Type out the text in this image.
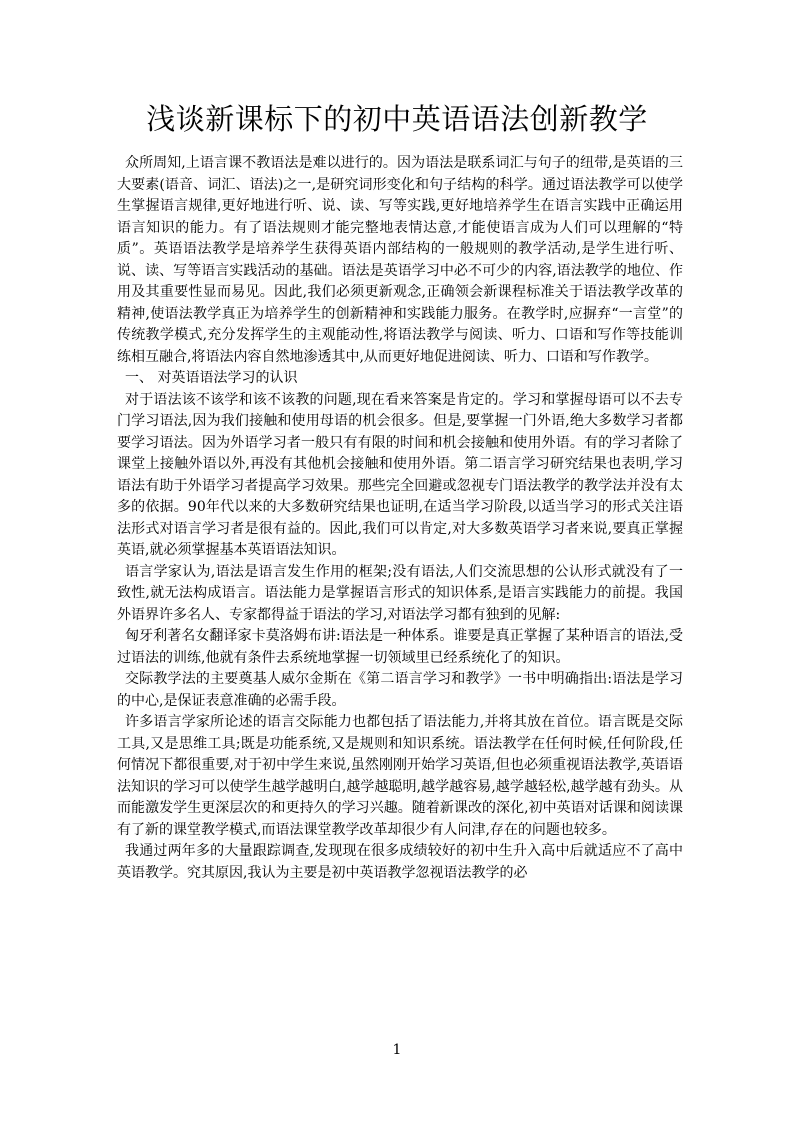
浅谈新课标下的初中英语语法创新教学

众所周知,上语言课不教语法是难以进行的。因为语法是联系词汇与句子的纽带,是英语的三大要素(语音、词汇、语法)之一,是研究词形变化和句子结构的科学。通过语法教学可以使学生掌握语言规律,更好地进行听、说、读、写等实践,更好地培养学生在语言实践中正确运用语言知识的能力。有了语法规则才能完整地表情达意,才能使语言成为人们可以理解的“特质”。英语语法教学是培养学生获得英语内部结构的一般规则的教学活动,是学生进行听、说、读、写等语言实践活动的基础。语法是英语学习中必不可少的内容,语法教学的地位、作用及其重要性显而易见。因此,我们必须更新观念,正确领会新课程标准关于语法教学改革的精神,使语法教学真正为培养学生的创新精神和实践能力服务。在教学时,应摒弃“一言堂”的传统教学模式,充分发挥学生的主观能动性,将语法教学与阅读、听力、口语和写作等技能训练相互融合,将语法内容自然地渗透其中,从而更好地促进阅读、听力、口语和写作教学。

一、 对英语语法学习的认识

对于语法该不该学和该不该教的问题,现在看来答案是肯定的。学习和掌握母语可以不去专门学习语法,因为我们接触和使用母语的机会很多。但是,要掌握一门外语,绝大多数学习者都要学习语法。因为外语学习者一般只有有限的时间和机会接触和使用外语。有的学习者除了课堂上接触外语以外,再没有其他机会接触和使用外语。第二语言学习研究结果也表明,学习语法有助于外语学习者提高学习效果。那些完全回避或忽视专门语法教学的教学法并没有太多的依据。90年代以来的大多数研究结果也证明,在适当学习阶段,以适当学习的形式关注语法形式对语言学习者是很有益的。因此,我们可以肯定,对大多数英语学习者来说,要真正掌握英语,就必须掌握基本英语语法知识。

语言学家认为,语法是语言发生作用的框架;没有语法,人们交流思想的公认形式就没有了一致性,就无法构成语言。语法能力是掌握语言形式的知识体系,是语言实践能力的前提。我国外语界许多名人、专家都得益于语法的学习,对语法学习都有独到的见解:

匈牙利著名女翻译家卡莫洛姆布讲:语法是一种体系。谁要是真正掌握了某种语言的语法,受过语法的训练,他就有条件去系统地掌握一切领域里已经系统化了的知识。

交际教学法的主要奠基人威尔金斯在《第二语言学习和教学》一书中明确指出:语法是学习的中心,是保证表意准确的必需手段。

许多语言学家所论述的语言交际能力也都包括了语法能力,并将其放在首位。语言既是交际工具,又是思维工具;既是功能系统,又是规则和知识系统。语法教学在任何时候,任何阶段,任何情况下都很重要,对于初中学生来说,虽然刚刚开始学习英语,但也必须重视语法教学,英语语法知识的学习可以使学生越学越明白,越学越聪明,越学越容易,越学越轻松,越学越有劲头。从而能激发学生更深层次的和更持久的学习兴趣。随着新课改的深化,初中英语对话课和阅读课有了新的课堂教学模式,而语法课堂教学改革却很少有人问津,存在的问题也较多。

我通过两年多的大量跟踪调查,发现现在很多成绩较好的初中生升入高中后就适应不了高中英语教学。究其原因,我认为主要是初中英语教学忽视语法教学的必

1
